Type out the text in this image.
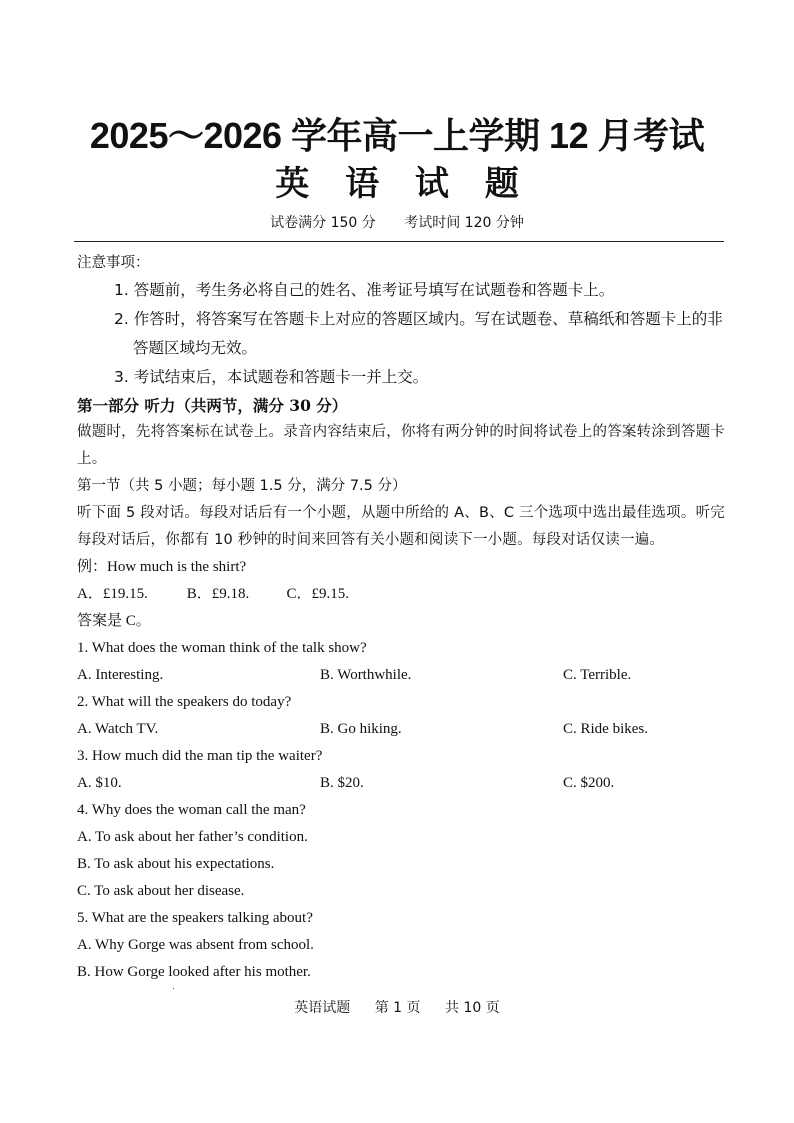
2025～2026 学年高一上学期 12 月考试
英 语 试 题
试卷满分 150 分 考试时间 120 分钟
注意事项：
1. 答题前，考生务必将自己的姓名、准考证号填写在试题卷和答题卡上。
2. 作答时，将答案写在答题卡上对应的答题区域内。写在试题卷、草稿纸和答题卡上的非答题区域均无效。
3. 考试结束后，本试题卷和答题卡一并上交。
第一部分 听力（共两节，满分 30 分）
做题时，先将答案标在试卷上。录音内容结束后，你将有两分钟的时间将试卷上的答案转涂到答题卡上。
第一节（共 5 小题；每小题 1.5 分，满分 7.5 分）
听下面 5 段对话。每段对话后有一个小题，从题中所给的 A、B、C 三个选项中选出最佳选项。听完每段对话后，你都有 10 秒钟的时间来回答有关小题和阅读下一小题。每段对话仅读一遍。
例：How much is the shirt?
A．£19.15.	B．£9.18. C．£9.15.
答案是 C。
1. What does the woman think of the talk show?
A. Interesting.	B. Worthwhile.	C. Terrible.
2. What will the speakers do today?
A. Watch TV.	B. Go hiking.	C. Ride bikes.
3. How much did the man tip the waiter?
A. $10.	B. $20.	C. $200.
4. Why does the woman call the man?
A. To ask about her father’s condition.
B. To ask about his expectations.
C. To ask about her disease.
5. What are the speakers talking about?
A. Why Gorge was absent from school.
B. How Gorge looked after his mother.
英语试题 第 1 页 共 10 页
